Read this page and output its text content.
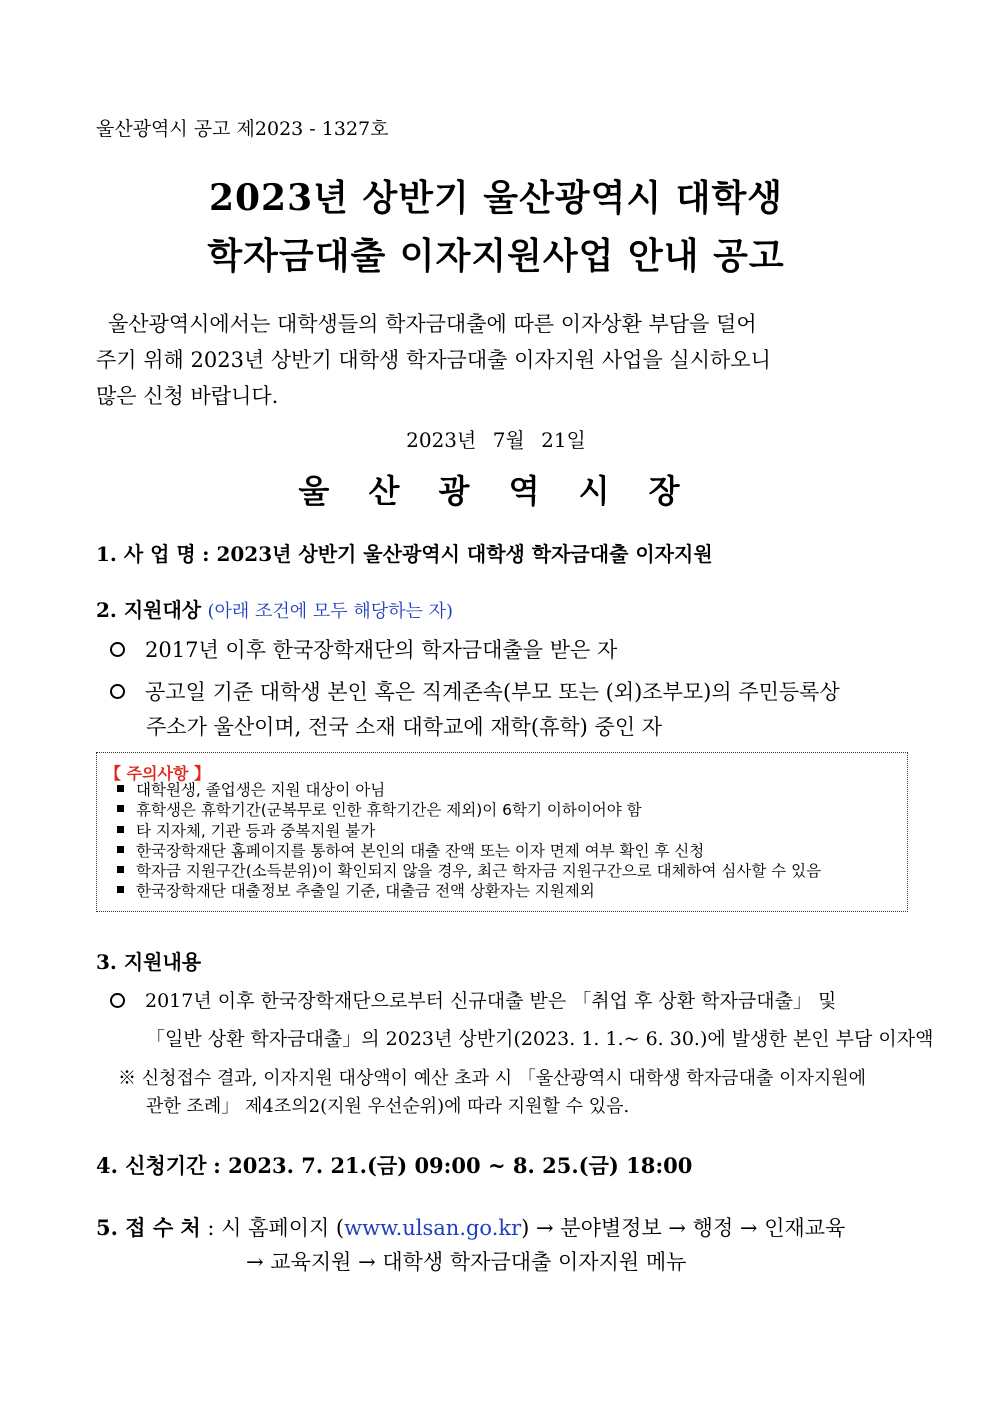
울산광역시 공고 제2023 - 1327호
2023년 상반기 울산광역시 대학생
학자금대출 이자지원사업 안내 공고
울산광역시에서는 대학생들의 학자금대출에 따른 이자상환 부담을 덜어
주기 위해 2023년 상반기 대학생 학자금대출 이자지원 사업을 실시하오니
많은 신청 바랍니다.
2023년 7월 21일
울 산 광 역 시 장
1. 사 업 명 : 2023년 상반기 울산광역시 대학생 학자금대출 이자지원
2. 지원대상 (아래 조건에 모두 해당하는 자)
2017년 이후 한국장학재단의 학자금대출을 받은 자
공고일 기준 대학생 본인 혹은 직계존속(부모 또는 (외)조부모)의 주민등록상
주소가 울산이며, 전국 소재 대학교에 재학(휴학) 중인 자
【 주의사항 】
대학원생, 졸업생은 지원 대상이 아님
휴학생은 휴학기간(군복무로 인한 휴학기간은 제외)이 6학기 이하이어야 함
타 지자체, 기관 등과 중복지원 불가
한국장학재단 홈페이지를 통하여 본인의 대출 잔액 또는 이자 면제 여부 확인 후 신청
학자금 지원구간(소득분위)이 확인되지 않을 경우, 최근 학자금 지원구간으로 대체하여 심사할 수 있음
한국장학재단 대출정보 추출일 기준, 대출금 전액 상환자는 지원제외
3. 지원내용
2017년 이후 한국장학재단으로부터 신규대출 받은 「취업 후 상환 학자금대출」 및
「일반 상환 학자금대출」의 2023년 상반기(2023. 1. 1.~ 6. 30.)에 발생한 본인 부담 이자액
※ 신청접수 결과, 이자지원 대상액이 예산 초과 시 「울산광역시 대학생 학자금대출 이자지원에
관한 조례」 제4조의2(지원 우선순위)에 따라 지원할 수 있음.
4. 신청기간 : 2023. 7. 21.(금) 09:00 ~ 8. 25.(금) 18:00
5. 접 수 처 : 시 홈페이지 (www.ulsan.go.kr) → 분야별정보 → 행정 → 인재교육
→ 교육지원 → 대학생 학자금대출 이자지원 메뉴
